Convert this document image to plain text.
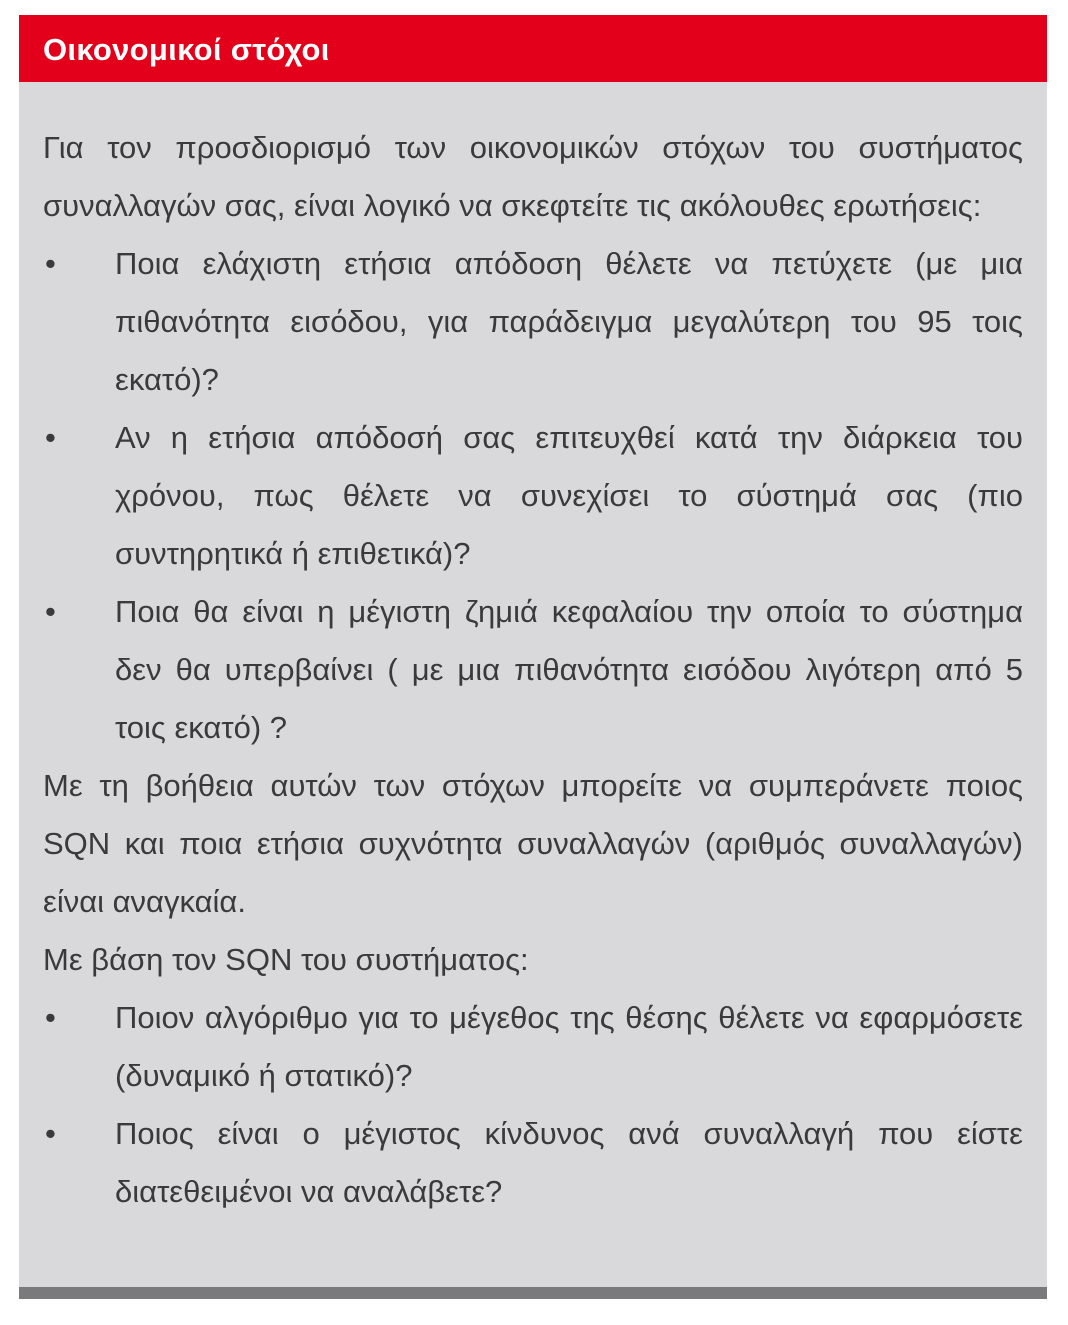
Οικονομικοί στόχοι

Για τον προσδιορισμό των οικονομικών στόχων του συστήματος συναλλαγών σας, είναι λογικό να σκεφτείτε τις ακόλουθες ερωτήσεις:

• Ποια ελάχιστη ετήσια απόδοση θέλετε να πετύχετε (με μια πιθανότητα εισόδου, για παράδειγμα μεγαλύτερη του 95 τοις εκατό)?
• Αν η ετήσια απόδοσή σας επιτευχθεί κατά την διάρκεια του χρόνου, πως θέλετε να συνεχίσει το σύστημά σας (πιο συντηρητικά ή επιθετικά)?
• Ποια θα είναι η μέγιστη ζημιά κεφαλαίου την οποία το σύστημα δεν θα υπερβαίνει ( με μια πιθανότητα εισόδου λιγότερη από 5 τοις εκατό) ?

Με τη βοήθεια αυτών των στόχων μπορείτε να συμπεράνετε ποιος SQN και ποια ετήσια συχνότητα συναλλαγών (αριθμός συναλλαγών) είναι αναγκαία.

Με βάση τον SQN του συστήματος:

• Ποιον αλγόριθμο για το μέγεθος της θέσης θέλετε να εφαρμόσετε (δυναμικό ή στατικό)?
• Ποιος είναι ο μέγιστος κίνδυνος ανά συναλλαγή που είστε διατεθειμένοι να αναλάβετε?
